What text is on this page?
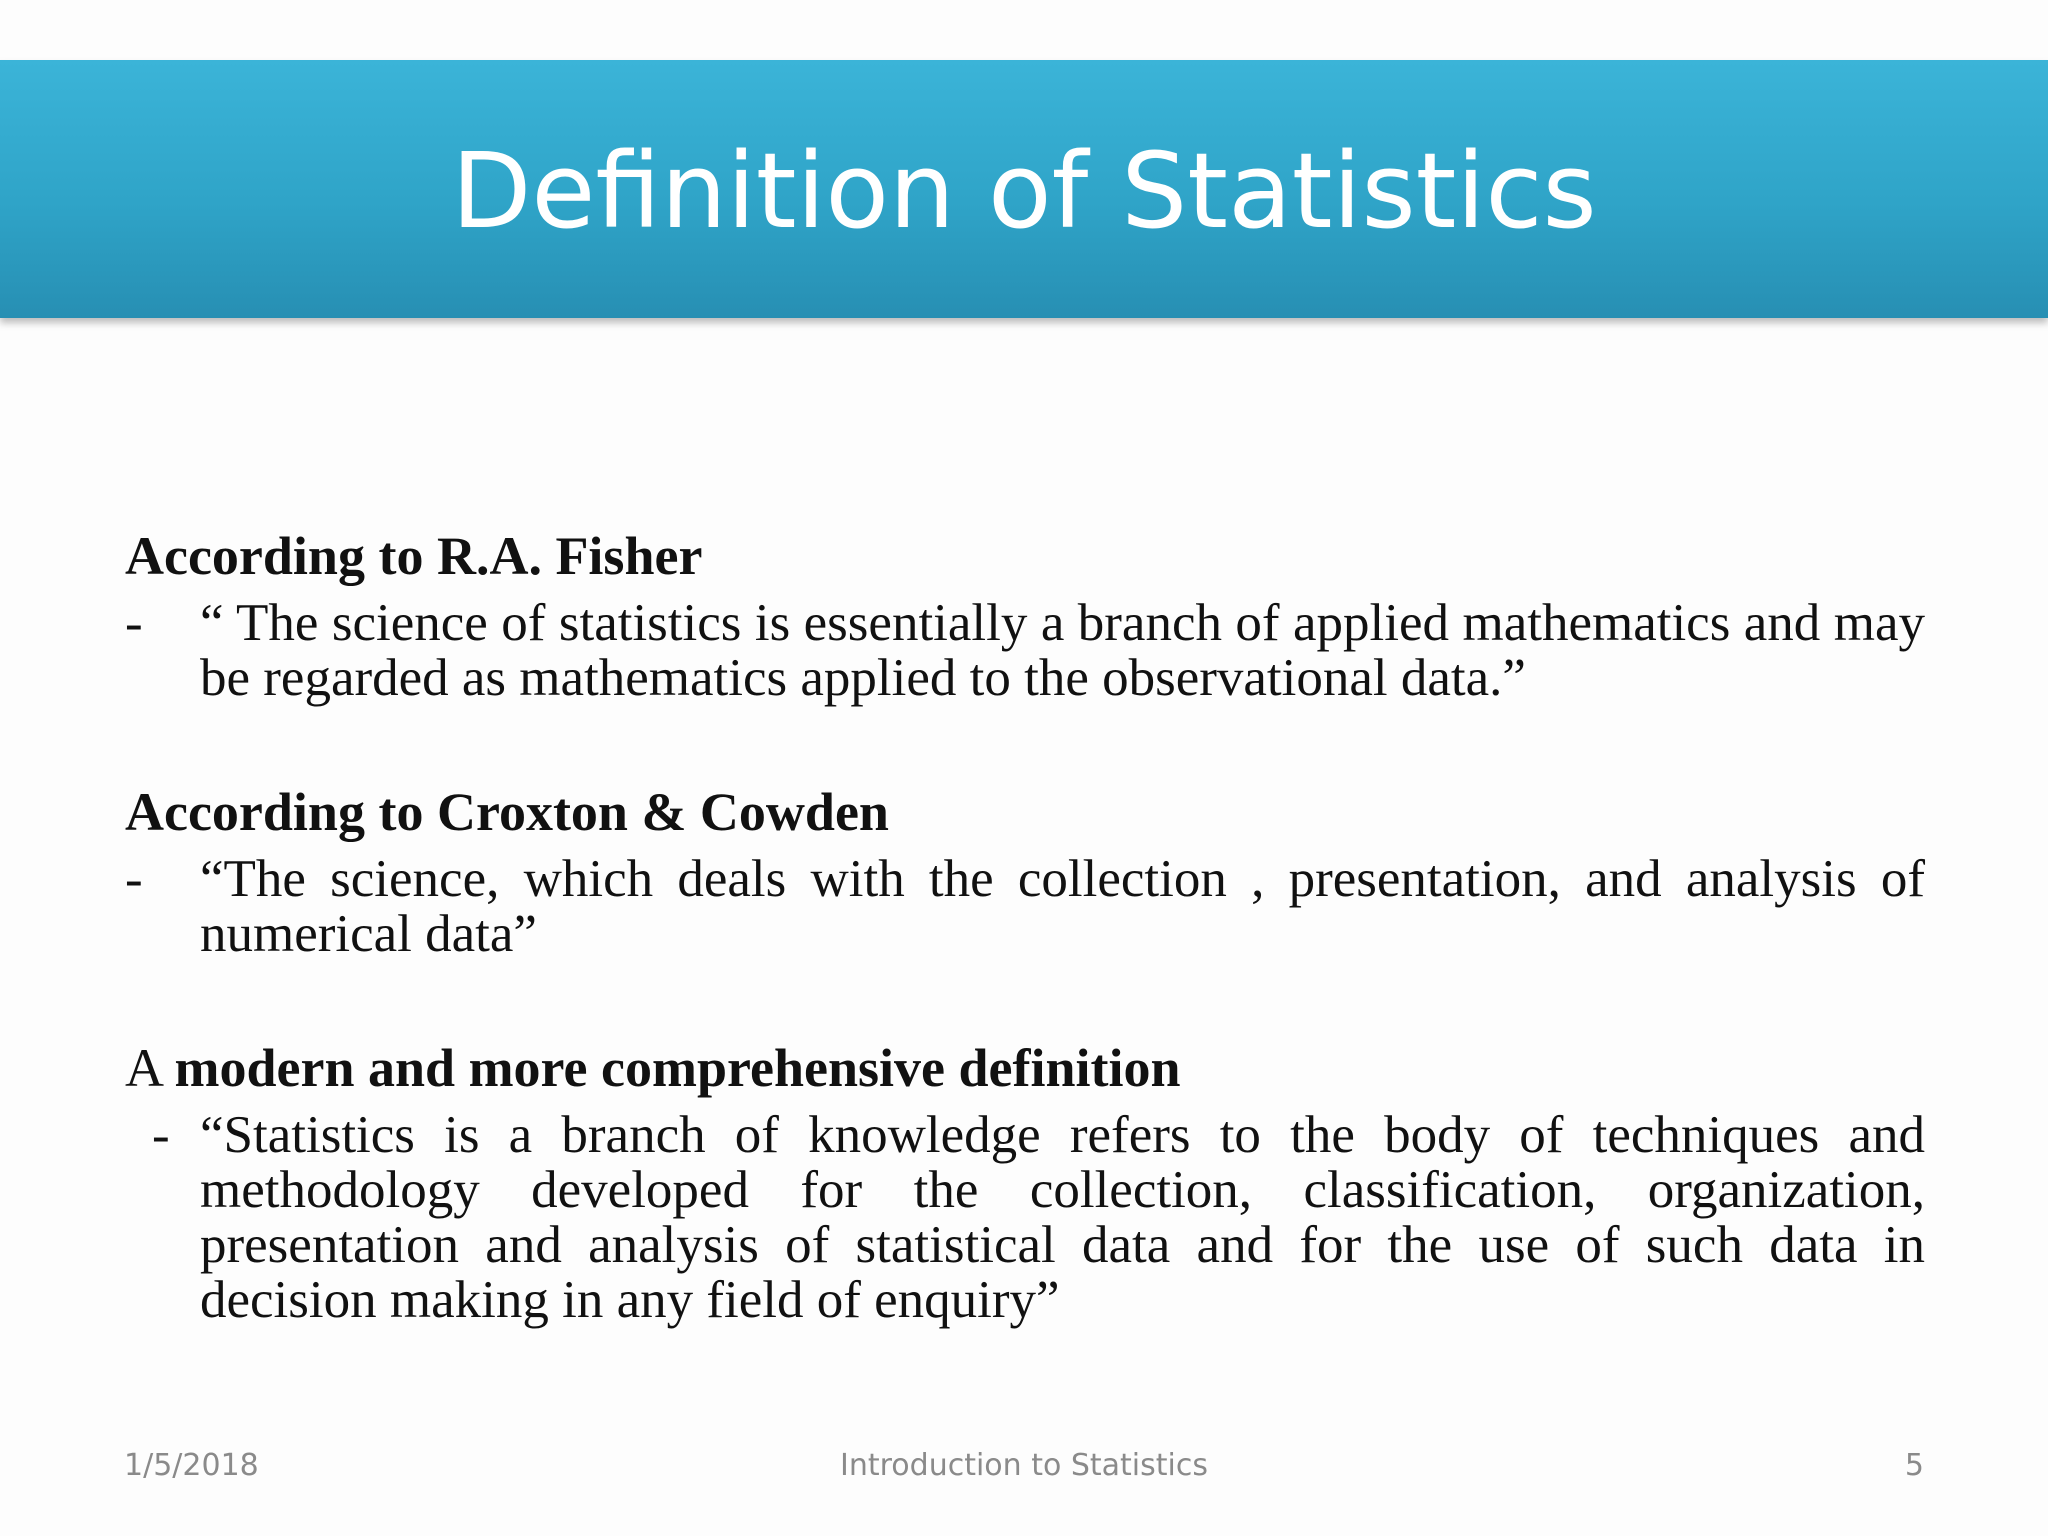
Definition of Statistics

According to R.A. Fisher

-	“ The science of statistics is essentially a branch of applied mathematics and may be regarded as mathematics applied to the observational data.”

According to Croxton & Cowden

-	“The science, which deals with the collection , presentation, and analysis of numerical data”

A modern and more comprehensive definition

- “Statistics is a branch of knowledge refers to the body of techniques and methodology developed for the collection, classification, organization, presentation and analysis of statistical data and for the use of such data in decision making in any field of enquiry”
1/5/2018	Introduction to Statistics	5
